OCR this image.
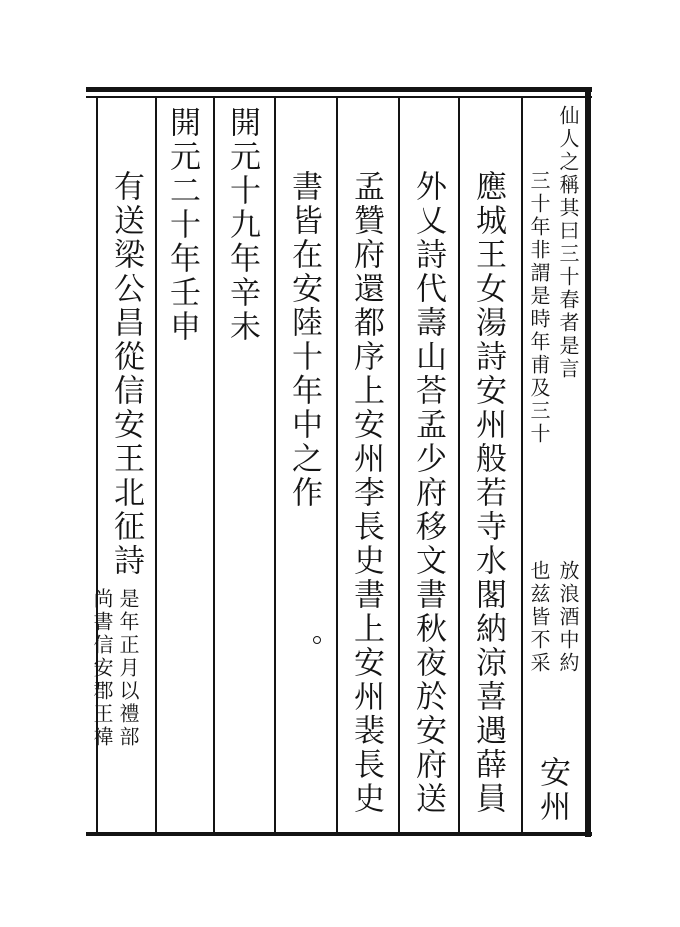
仙人之稱其曰三十春者是言
三十年非謂是時年甫及三十
放浪酒中約
也兹皆不采
安州
應城王女湯詩安州般若寺水閣納涼喜遇薛員
外乂詩代壽山荅孟少府移文書秋夜於安府送
孟贊府還都序上安州李長史書上安州裴長史
書皆在安陸十年中之作
開元十九年辛未
開元二十年壬申
有送梁公昌從信安王北征詩
是年正月以禮部
尚書信安郡王禕
